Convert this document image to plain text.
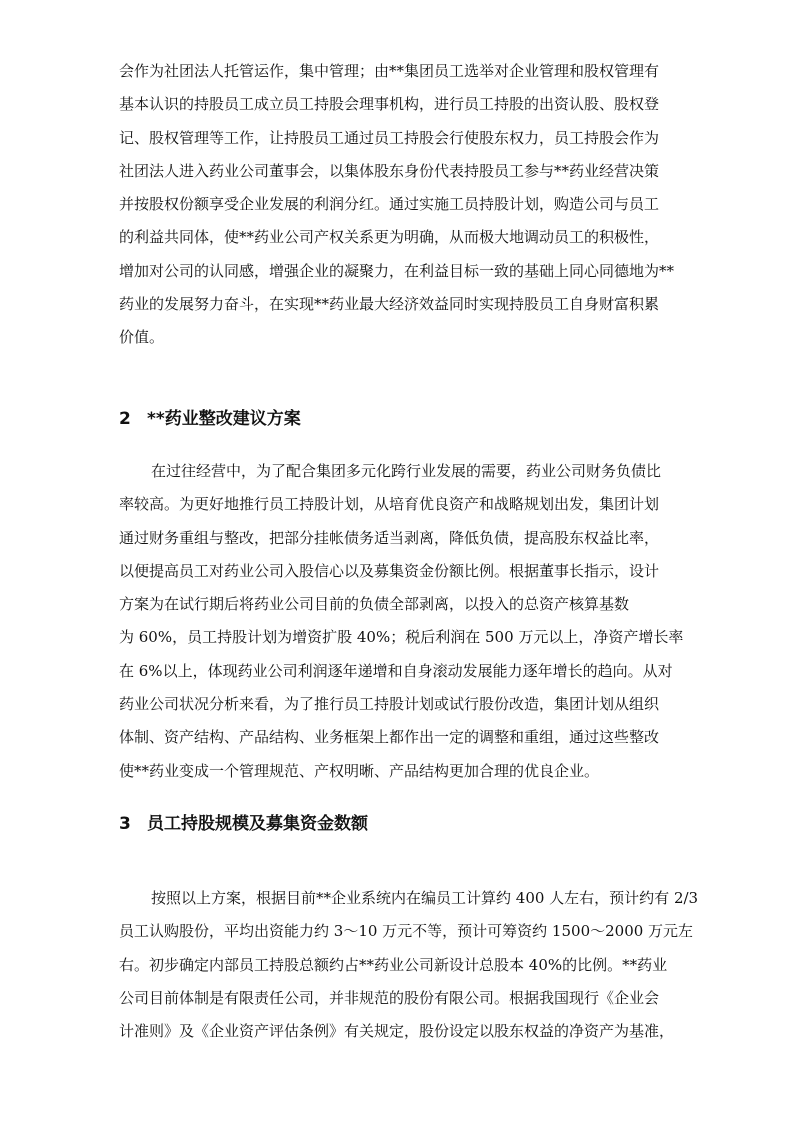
会作为社团法人托管运作，集中管理；由**集团员工选举对企业管理和股权管理有
基本认识的持股员工成立员工持股会理事机构，进行员工持股的出资认股、股权登
记、股权管理等工作，让持股员工通过员工持股会行使股东权力，员工持股会作为
社团法人进入药业公司董事会，以集体股东身份代表持股员工参与**药业经营决策
并按股权份额享受企业发展的利润分红。通过实施工员持股计划，购造公司与员工
的利益共同体，使**药业公司产权关系更为明确，从而极大地调动员工的积极性，
增加对公司的认同感，增强企业的凝聚力，在利益目标一致的基础上同心同德地为**
药业的发展努力奋斗，在实现**药业最大经济效益同时实现持股员工自身财富积累
价值。
2 **药业整改建议方案
在过往经营中，为了配合集团多元化跨行业发展的需要，药业公司财务负债比
率较高。为更好地推行员工持股计划，从培育优良资产和战略规划出发，集团计划
通过财务重组与整改，把部分挂帐债务适当剥离，降低负债，提高股东权益比率，
以便提高员工对药业公司入股信心以及募集资金份额比例。根据董事长指示，设计
方案为在试行期后将药业公司目前的负债全部剥离，以投入的总资产核算基数
为 60%，员工持股计划为增资扩股 40%；税后利润在 500 万元以上，净资产增长率
在 6%以上，体现药业公司利润逐年递增和自身滚动发展能力逐年增长的趋向。从对
药业公司状况分析来看，为了推行员工持股计划或试行股份改造，集团计划从组织
体制、资产结构、产品结构、业务框架上都作出一定的调整和重组，通过这些整改
使**药业变成一个管理规范、产权明晰、产品结构更加合理的优良企业。
3 员工持股规模及募集资金数额
按照以上方案，根据目前**企业系统内在编员工计算约 400 人左右，预计约有 2/3
员工认购股份，平均出资能力约 3～10 万元不等，预计可筹资约 1500～2000 万元左
右。初步确定内部员工持股总额约占**药业公司新设计总股本 40%的比例。**药业
公司目前体制是有限责任公司，并非规范的股份有限公司。根据我国现行《企业会
计准则》及《企业资产评估条例》有关规定，股份设定以股东权益的净资产为基准，
